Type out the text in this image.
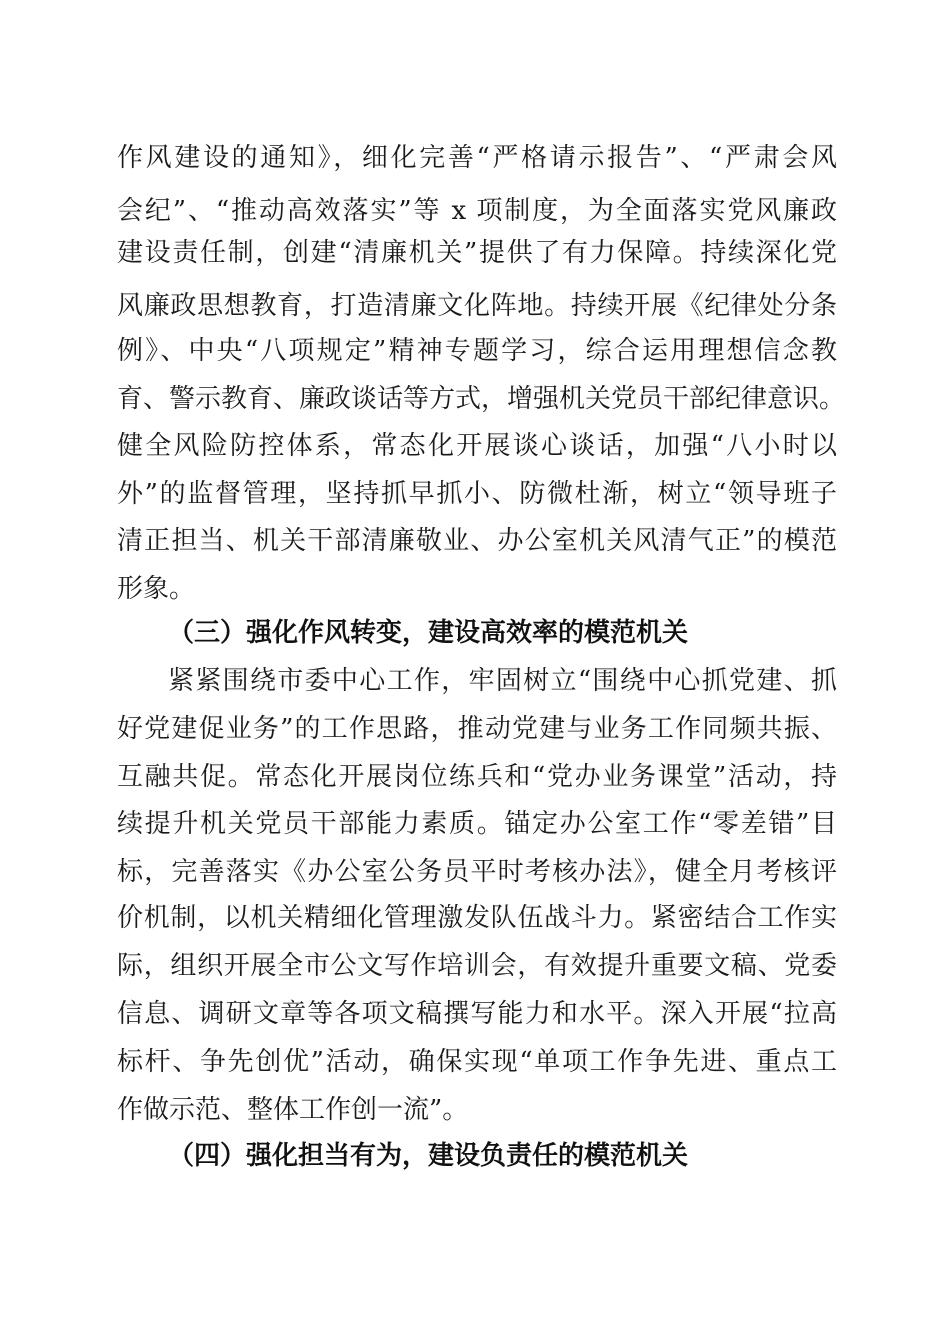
作风建设的通知》，细化完善“严格请示报告”、“严肃会风
会纪”、“推动高效落实”等 x 项制度，为全面落实党风廉政
建设责任制，创建“清廉机关”提供了有力保障。持续深化党
风廉政思想教育，打造清廉文化阵地。持续开展《纪律处分条
例》、中央“八项规定”精神专题学习，综合运用理想信念教
育、警示教育、廉政谈话等方式，增强机关党员干部纪律意识。
健全风险防控体系，常态化开展谈心谈话，加强“八小时以
外”的监督管理，坚持抓早抓小、防微杜渐，树立“领导班子
清正担当、机关干部清廉敬业、办公室机关风清气正”的模范
形象。
（三）强化作风转变，建设高效率的模范机关
紧紧围绕市委中心工作，牢固树立“围绕中心抓党建、抓
好党建促业务”的工作思路，推动党建与业务工作同频共振、
互融共促。常态化开展岗位练兵和“党办业务课堂”活动，持
续提升机关党员干部能力素质。锚定办公室工作“零差错”目
标，完善落实《办公室公务员平时考核办法》，健全月考核评
价机制，以机关精细化管理激发队伍战斗力。紧密结合工作实
际，组织开展全市公文写作培训会，有效提升重要文稿、党委
信息、调研文章等各项文稿撰写能力和水平。深入开展“拉高
标杆、争先创优”活动，确保实现“单项工作争先进、重点工
作做示范、整体工作创一流”。
（四）强化担当有为，建设负责任的模范机关
